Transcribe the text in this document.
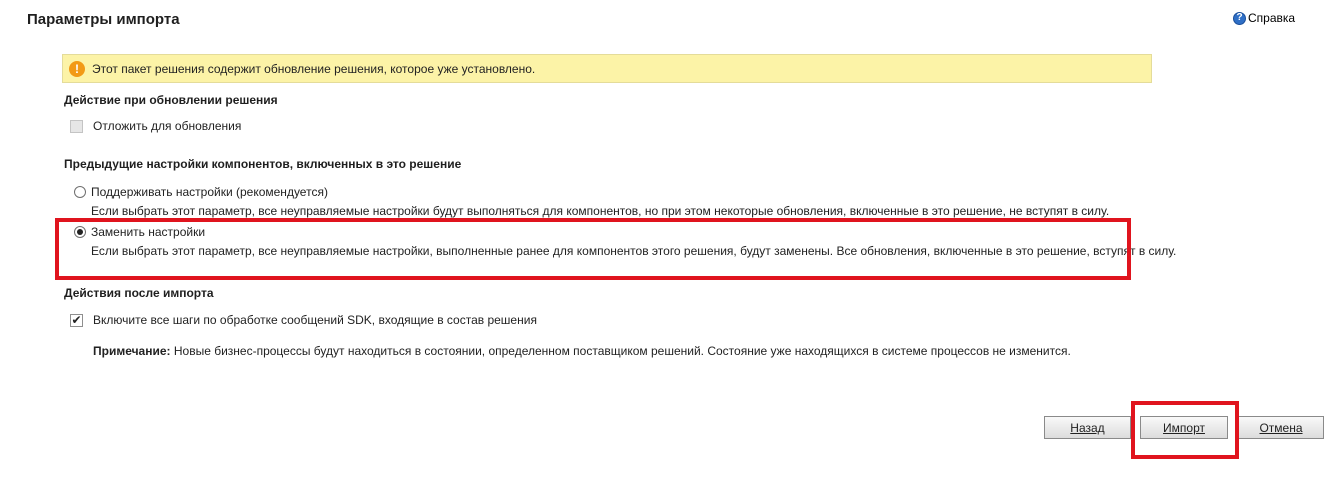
Параметры импорта	? Справка
!	Этот пакет решения содержит обновление решения, которое уже установлено.
Действие при обновлении решения
Отложить для обновления
Предыдущие настройки компонентов, включенных в это решение
Поддерживать настройки (рекомендуется)
Если выбрать этот параметр, все неуправляемые настройки будут выполняться для компонентов, но при этом некоторые обновления, включенные в это решение, не вступят в силу.
Заменить настройки
Если выбрать этот параметр, все неуправляемые настройки, выполненные ранее для компонентов этого решения, будут заменены. Все обновления, включенные в это решение, вступят в силу.
Действия после импорта
✔ Включите все шаги по обработке сообщений SDK, входящие в состав решения
Примечание: Новые бизнес-процессы будут находиться в состоянии, определенном поставщиком решений. Состояние уже находящихся в системе процессов не изменится.
Назад	Импорт	Отмена
